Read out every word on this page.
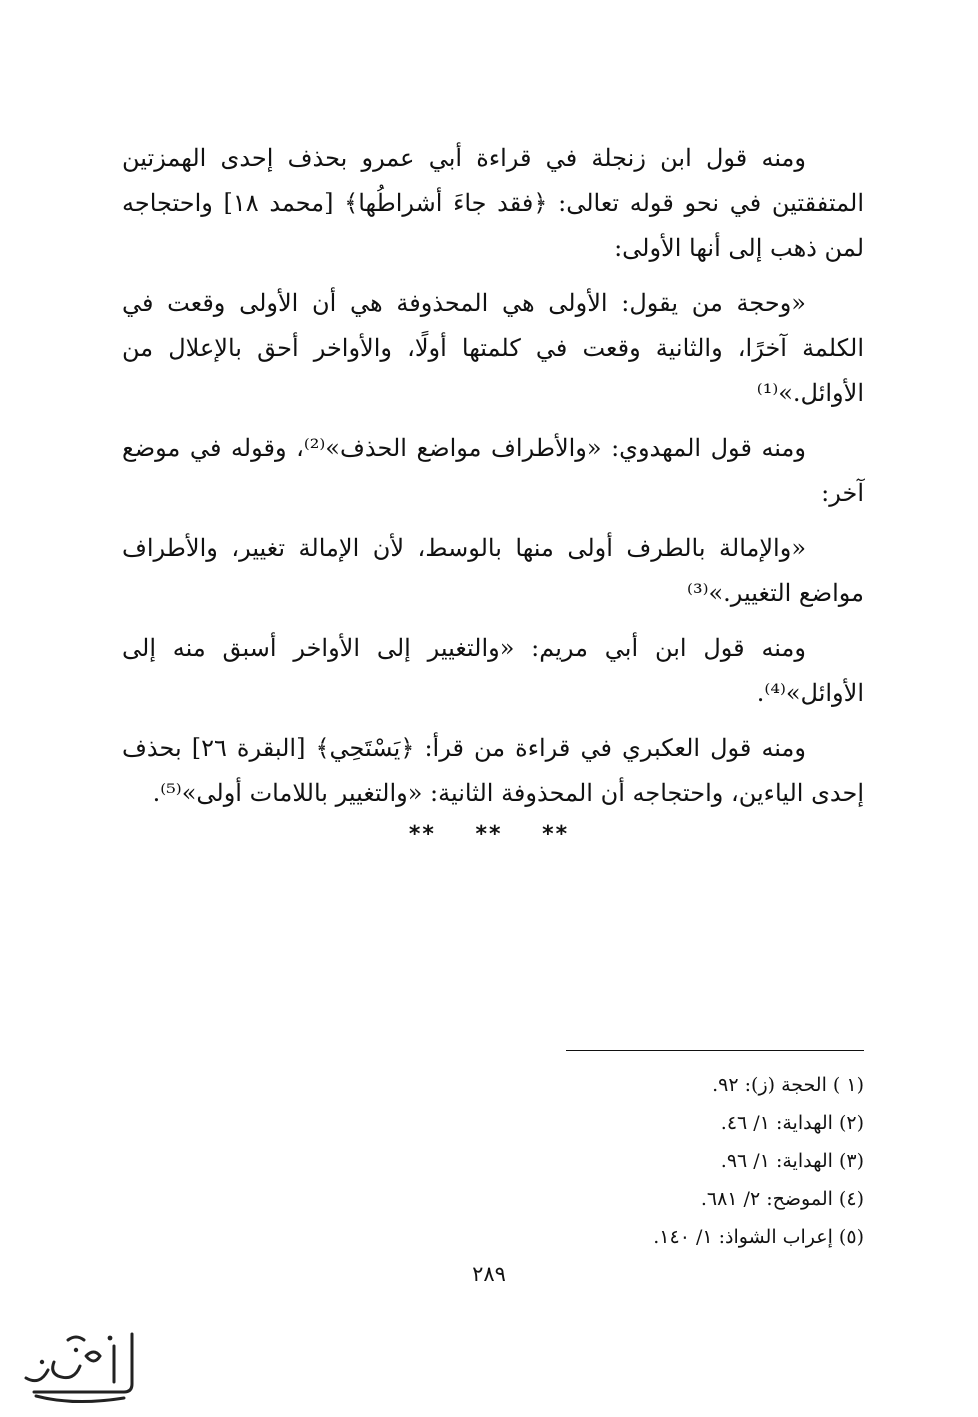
ومنه قول ابن زنجلة في قراءة أبي عمرو بحذف إحدى الهمزتين المتفقتين في نحو قوله تعالى: ﴿فقد جاءَ أشراطُها﴾ [محمد ١٨] واحتجاجه لمن ذهب إلى أنها الأولى:

«وحجة من يقول: الأولى هي المحذوفة هي أن الأولى وقعت في الكلمة آخرًا، والثانية وقعت في كلمتها أولًا، والأواخر أحق بالإعلال من الأوائل.»⁽¹⁾

ومنه قول المهدوي: «والأطراف مواضع الحذف»⁽²⁾، وقوله في موضع آخر:

«والإمالة بالطرف أولى منها بالوسط، لأن الإمالة تغيير، والأطراف مواضع التغيير.»⁽³⁾

ومنه قول ابن أبي مريم: «والتغيير إلى الأواخر أسبق منه إلى الأوائل»⁽⁴⁾.

ومنه قول العكبري في قراءة من قرأ: ﴿يَسْتَحِي﴾ [البقرة ٢٦] بحذف إحدى الياءين، واحتجاجه أن المحذوفة الثانية: «والتغيير باللامات أولى»⁽⁵⁾.

** ** **
(١ ) الحجة (ز): ٩٢.
(٢) الهداية: ١/ ٤٦.
(٣) الهداية: ١/ ٩٦.
(٤) الموضح: ٢/ ٦٨١.
(٥) إعراب الشواذ: ١/ ١٤٠.
٢٨٩
